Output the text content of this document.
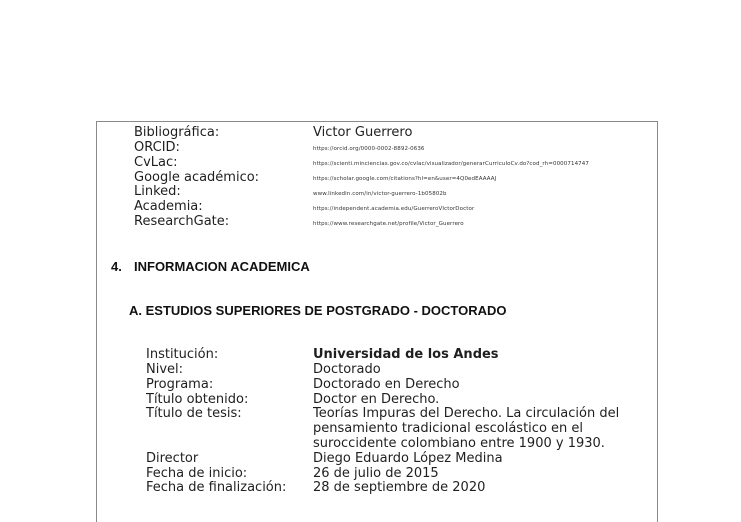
Bibliográfica:	Victor Guerrero
ORCID:	https://orcid.org/0000-0002-8892-0636
CvLac:	https://scienti.minciencias.gov.co/cvlac/visualizador/generarCurriculoCv.do?cod_rh=0000714747
Google académico:	https://scholar.google.com/citations?hl=en&user=4Q0edEAAAAJ
Linked:	www.linkedin.com/in/victor-guerrero-1b05802b
Academia:	https://independent.academia.edu/GuerreroVIctorDoctor
ResearchGate:	https://www.researchgate.net/profile/Victor_Guerrero
4. INFORMACION ACADEMICA
A. ESTUDIOS SUPERIORES DE POSTGRADO - DOCTORADO
Institución:	Universidad de los Andes
Nivel:	Doctorado
Programa:	Doctorado en Derecho
Título obtenido:	Doctor en Derecho.
Título de tesis:	Teorías Impuras del Derecho. La circulación del pensamiento tradicional escolástico en el suroccidente colombiano entre 1900 y 1930.
Director	Diego Eduardo López Medina
Fecha de inicio:	26 de julio de 2015
Fecha de finalización: 28 de septiembre de 2020
